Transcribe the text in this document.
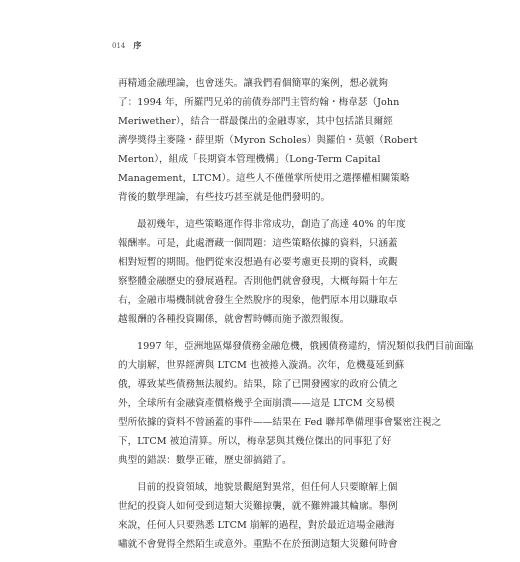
014 序
再精通金融理論，也會迷失。讓我們看個簡單的案例，想必就夠
了：1994 年，所羅門兄弟的前債券部門主管約翰・梅韋瑟（John
Meriwether），結合一群最傑出的金融專家，其中包括諾貝爾經
濟學獎得主麥隆・薛里斯（Myron Scholes）與羅伯・莫頓（Robert
Merton），組成「長期資本管理機構」（Long-Term Capital
Management，LTCM）。這些人不僅僅掌所使用之選擇權相關策略
背後的數學理論，有些技巧甚至就是他們發明的。
最初幾年，這些策略運作得非常成功，創造了高達 40% 的年度
報酬率。可是，此處潛藏一個問題：這些策略依據的資料，只涵蓋
相對短暫的期間。他們從來沒想過有必要考慮更長期的資料，或觀
察整體金融歷史的發展過程。否則他們就會發現，大概每隔十年左
右，金融市場機制就會發生全然脫序的現象，他們原本用以賺取卓
越報酬的各種投資關係，就會暫時轉而施予激烈報復。
1997 年，亞洲地區爆發債務金融危機，俄國債務違約，情況類似我們目前面臨
的大崩解，世界經濟與 LTCM 也被捲入漩渦。次年，危機蔓延到蘇
俄，導致某些債務無法履約。結果，除了已開發國家的政府公債之
外，全球所有金融資產價格幾乎全面崩潰——這是 LTCM 交易模
型所依據的資料不曾涵蓋的事件——結果在 Fed 聯邦準備理事會緊密注視之
下，LTCM 被迫清算。所以，梅韋瑟與其幾位傑出的同事犯了好
典型的錯誤：數學正確，歷史卻搞錯了。
目前的投資領域，地貌景觀絕對異常，但任何人只要瞭解上個
世紀的投資人如何受到這類大災難掠襲，就不難辨識其輪廓。舉例
來說，任何人只要熟悉 LTCM 崩解的過程，對於最近這場金融海
嘯就不會覺得全然陌生或意外。重點不在於預測這類大災難何時會
